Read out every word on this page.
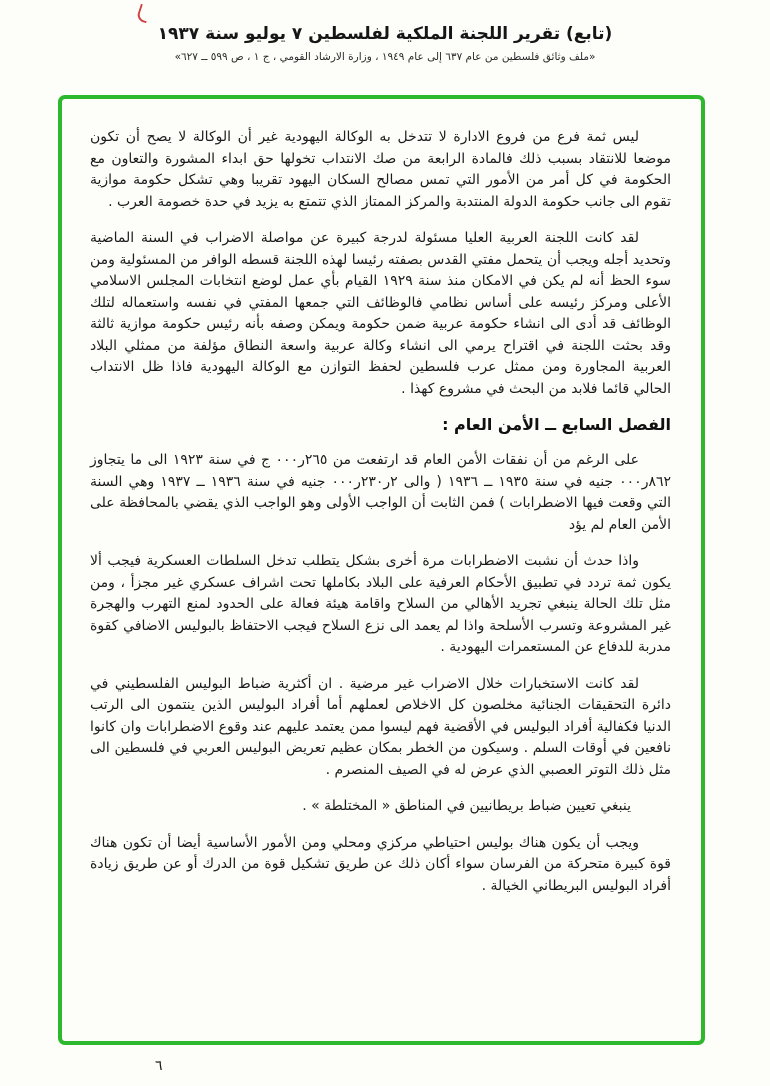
(تابع) تقرير اللجنة الملكية لفلسطين ٧ يوليو سنة ١٩٣٧
«ملف وثائق فلسطين من عام ٦٣٧ إلى عام ١٩٤٩ ، وزارة الارشاد القومي ، ج ١ ، ص ٥٩٩ ــ ٦٢٧»

ليس ثمة فرع من فروع الادارة لا تتدخل به الوكالة اليهودية غير أن الوكالة لا يصح أن تكون موضعا للانتقاد بسبب ذلك فالمادة الرابعة من صك الانتداب تخولها حق ابداء المشورة والتعاون مع الحكومة في كل أمر من الأمور التي تمس مصالح السكان اليهود تقريبا وهي تشكل حكومة موازية تقوم الى جانب حكومة الدولة المنتدبة والمركز الممتاز الذي تتمتع به يزيد في حدة خصومة العرب .

لقد كانت اللجنة العربية العليا مسئولة لدرجة كبيرة عن مواصلة الاضراب في السنة الماضية وتحديد أجله ويجب أن يتحمل مفتي القدس بصفته رئيسا لهذه اللجنة قسطه الوافر من المسئولية ومن سوء الحظ أنه لم يكن في الامكان منذ سنة ١٩٢٩ القيام بأي عمل لوضع انتخابات المجلس الاسلامي الأعلى ومركز رئيسه على أساس نظامي فالوظائف التي جمعها المفتي في نفسه واستعماله لتلك الوظائف قد أدى الى انشاء حكومة عربية ضمن حكومة ويمكن وصفه بأنه رئيس حكومة موازية ثالثة وقد بحثت اللجنة في اقتراح يرمي الى انشاء وكالة عربية واسعة النطاق مؤلفة من ممثلي البلاد العربية المجاورة ومن ممثل عرب فلسطين لحفظ التوازن مع الوكالة اليهودية فاذا ظل الانتداب الحالي قائما فلابد من البحث في مشروع كهذا .

الفصل السابع ــ الأمن العام :

على الرغم من أن نفقات الأمن العام قد ارتفعت من ٢٦٥ر٠٠٠ ج في سنة ١٩٢٣ الى ما يتجاوز ٨٦٢ر٠٠٠ جنيه في سنة ١٩٣٥ ــ ١٩٣٦ ( والى ٢ر٢٣٠ر٠٠٠ جنيه في سنة ١٩٣٦ ــ ١٩٣٧ وهي السنة التي وقعت فيها الاضطرابات ) فمن الثابت أن الواجب الأولى وهو الواجب الذي يقضي بالمحافظة على الأمن العام لم يؤد

واذا حدث أن نشبت الاضطرابات مرة أخرى بشكل يتطلب تدخل السلطات العسكرية فيجب ألا يكون ثمة تردد في تطبيق الأحكام العرفية على البلاد بكاملها تحت اشراف عسكري غير مجزأ ، ومن مثل تلك الحالة ينبغي تجريد الأهالي من السلاح واقامة هيئة فعالة على الحدود لمنع التهرب والهجرة غير المشروعة وتسرب الأسلحة واذا لم يعمد الى نزع السلاح فيجب الاحتفاظ بالبوليس الاضافي كقوة مدربة للدفاع عن المستعمرات اليهودية .

لقد كانت الاستخبارات خلال الاضراب غير مرضية . ان أكثرية ضباط البوليس الفلسطيني في دائرة التحقيقات الجنائية مخلصون كل الاخلاص لعملهم أما أفراد البوليس الذين ينتمون الى الرتب الدنيا فكفالية أفراد البوليس في الأقضية فهم ليسوا ممن يعتمد عليهم عند وقوع الاضطرابات وان كانوا نافعين في أوقات السلم . وسيكون من الخطر بمكان عظيم تعريض البوليس العربي في فلسطين الى مثل ذلك التوتر العصبي الذي عرض له في الصيف المنصرم .

ينبغي تعيين ضباط بريطانيين في المناطق « المختلطة » .

ويجب أن يكون هناك بوليس احتياطي مركزي ومحلي ومن الأمور الأساسية أيضا أن تكون هناك قوة كبيرة متحركة من الفرسان سواء أكان ذلك عن طريق تشكيل قوة من الدرك أو عن طريق زيادة أفراد البوليس البريطاني الخيالة .

٦
